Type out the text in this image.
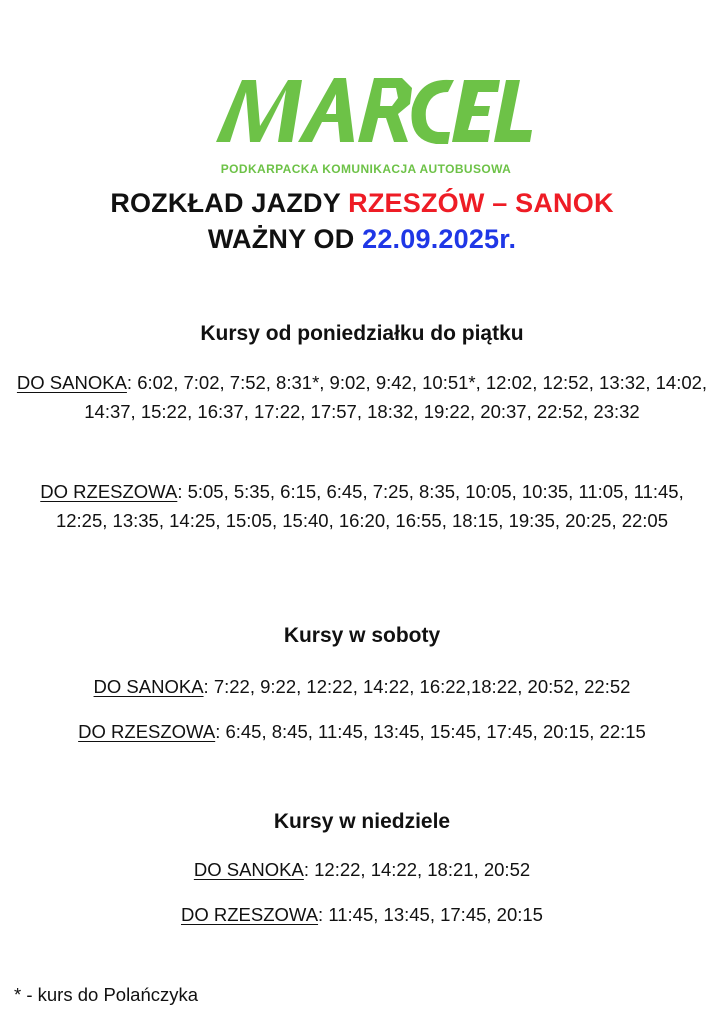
PODKARPACKA KOMUNIKACJA AUTOBUSOWA
ROZKŁAD JAZDY RZESZÓW – SANOK
WAŻNY OD 22.09.2025r.
Kursy od poniedziałku do piątku
DO SANOKA: 6:02, 7:02, 7:52, 8:31*, 9:02, 9:42, 10:51*, 12:02, 12:52, 13:32, 14:02, 14:37, 15:22, 16:37, 17:22, 17:57, 18:32, 19:22, 20:37, 22:52, 23:32
DO RZESZOWA: 5:05, 5:35, 6:15, 6:45, 7:25, 8:35, 10:05, 10:35, 11:05, 11:45, 12:25, 13:35, 14:25, 15:05, 15:40, 16:20, 16:55, 18:15, 19:35, 20:25, 22:05
Kursy w soboty
DO SANOKA: 7:22, 9:22, 12:22, 14:22, 16:22,18:22, 20:52, 22:52
DO RZESZOWA: 6:45, 8:45, 11:45, 13:45, 15:45, 17:45, 20:15, 22:15
Kursy w niedziele
DO SANOKA: 12:22, 14:22, 18:21, 20:52
DO RZESZOWA: 11:45, 13:45, 17:45, 20:15
* - kurs do Polańczyka
